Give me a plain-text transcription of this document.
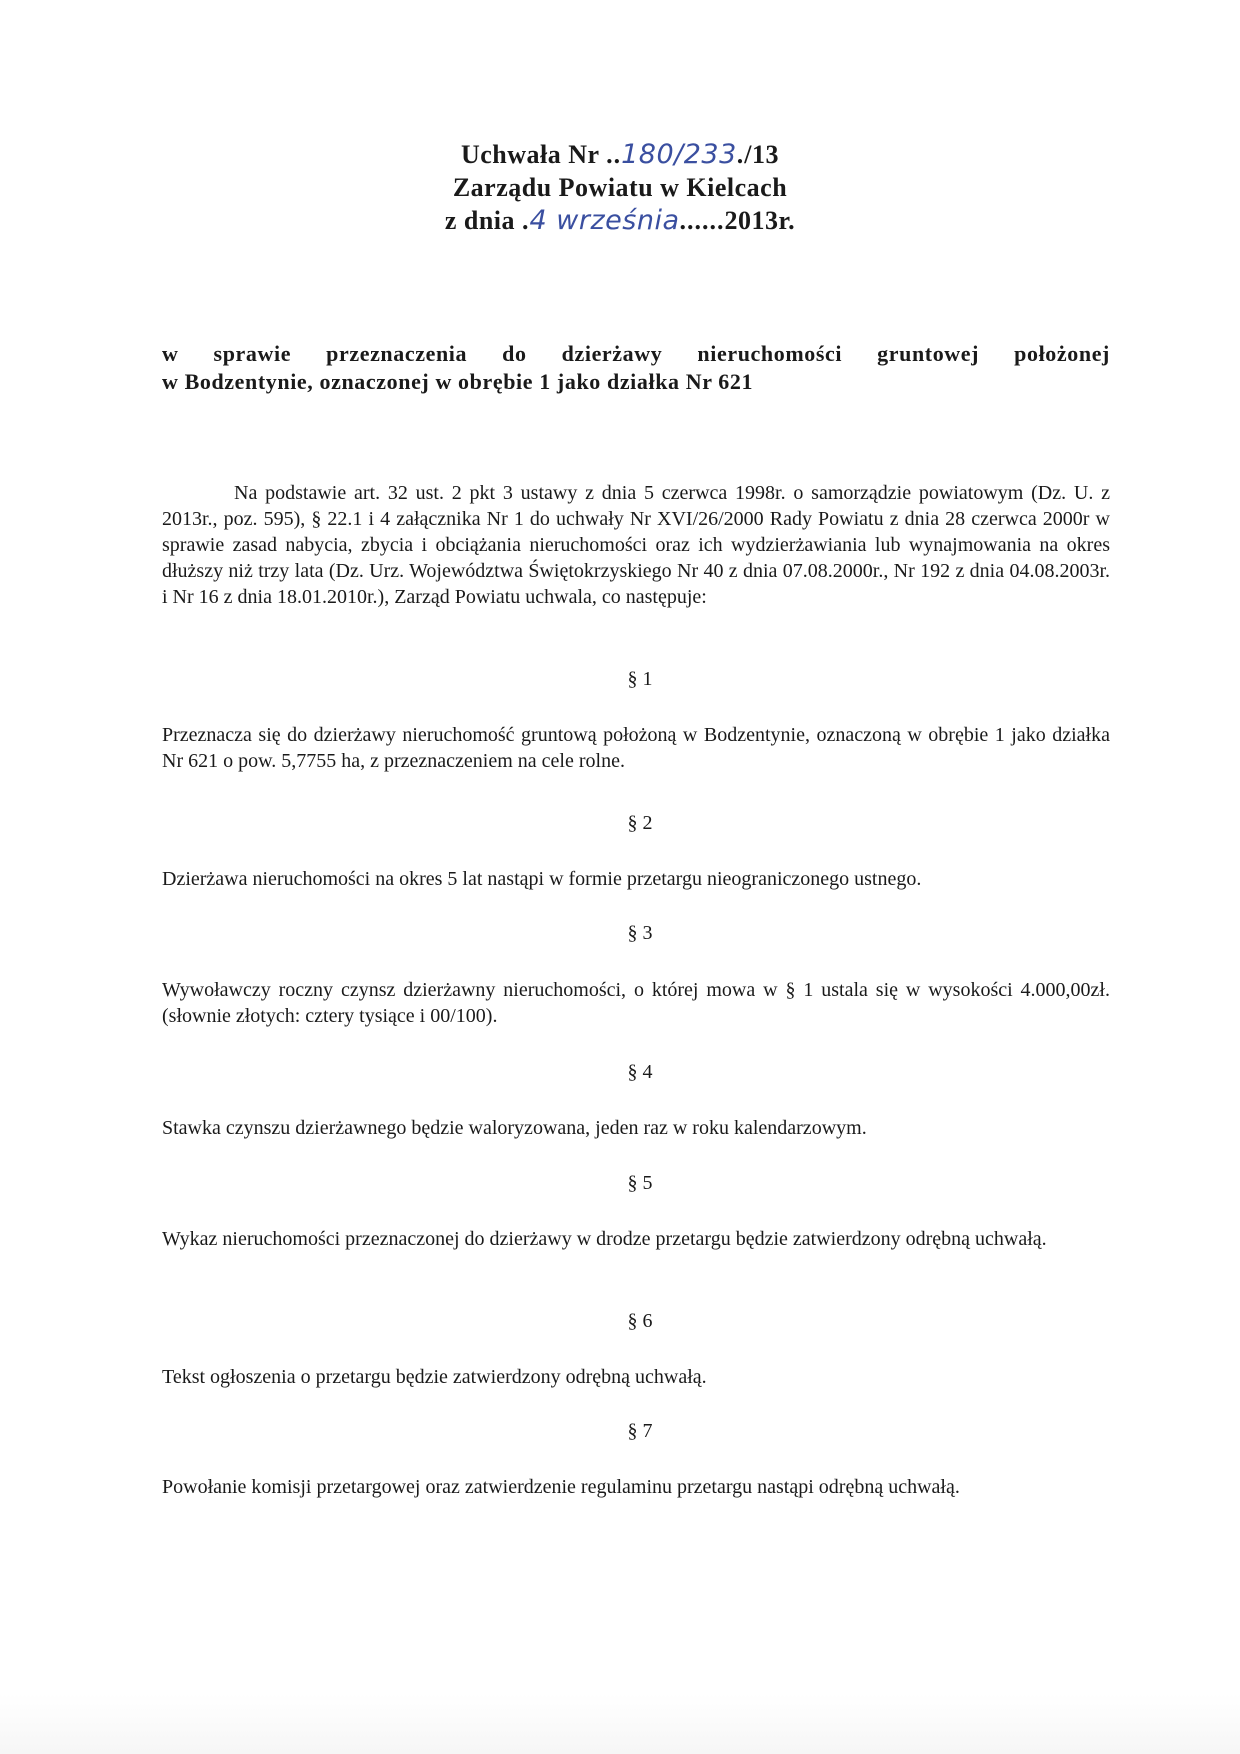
Uchwała Nr ..180/233./13
Zarządu Powiatu w Kielcach
z dnia .4 września......2013r.
w sprawie przeznaczenia do dzierżawy nieruchomości gruntowej położonej
w Bodzentynie, oznaczonej w obrębie 1 jako działka Nr 621
Na podstawie art. 32 ust. 2 pkt 3 ustawy z dnia 5 czerwca 1998r. o samorządzie powiatowym (Dz. U. z 2013r., poz. 595), § 22.1 i 4 załącznika Nr 1 do uchwały Nr XVI/26/2000 Rady Powiatu z dnia 28 czerwca 2000r w sprawie zasad nabycia, zbycia i obciążania nieruchomości oraz ich wydzierżawiania lub wynajmowania na okres dłuższy niż trzy lata (Dz. Urz. Województwa Świętokrzyskiego Nr 40 z dnia 07.08.2000r., Nr 192 z dnia 04.08.2003r. i Nr 16 z dnia 18.01.2010r.), Zarząd Powiatu uchwala, co następuje:
§ 1
Przeznacza się do dzierżawy nieruchomość gruntową położoną w Bodzentynie, oznaczoną w obrębie 1 jako działka Nr 621 o pow. 5,7755 ha, z przeznaczeniem na cele rolne.
§ 2
Dzierżawa nieruchomości na okres 5 lat nastąpi w formie przetargu nieograniczonego ustnego.
§ 3
Wywoławczy roczny czynsz dzierżawny nieruchomości, o której mowa w § 1 ustala się w wysokości 4.000,00zł. (słownie złotych: cztery tysiące i 00/100).
§ 4
Stawka czynszu dzierżawnego będzie waloryzowana, jeden raz w roku kalendarzowym.
§ 5
Wykaz nieruchomości przeznaczonej do dzierżawy w drodze przetargu będzie zatwierdzony odrębną uchwałą.
§ 6
Tekst ogłoszenia o przetargu będzie zatwierdzony odrębną uchwałą.
§ 7
Powołanie komisji przetargowej oraz zatwierdzenie regulaminu przetargu nastąpi odrębną uchwałą.
